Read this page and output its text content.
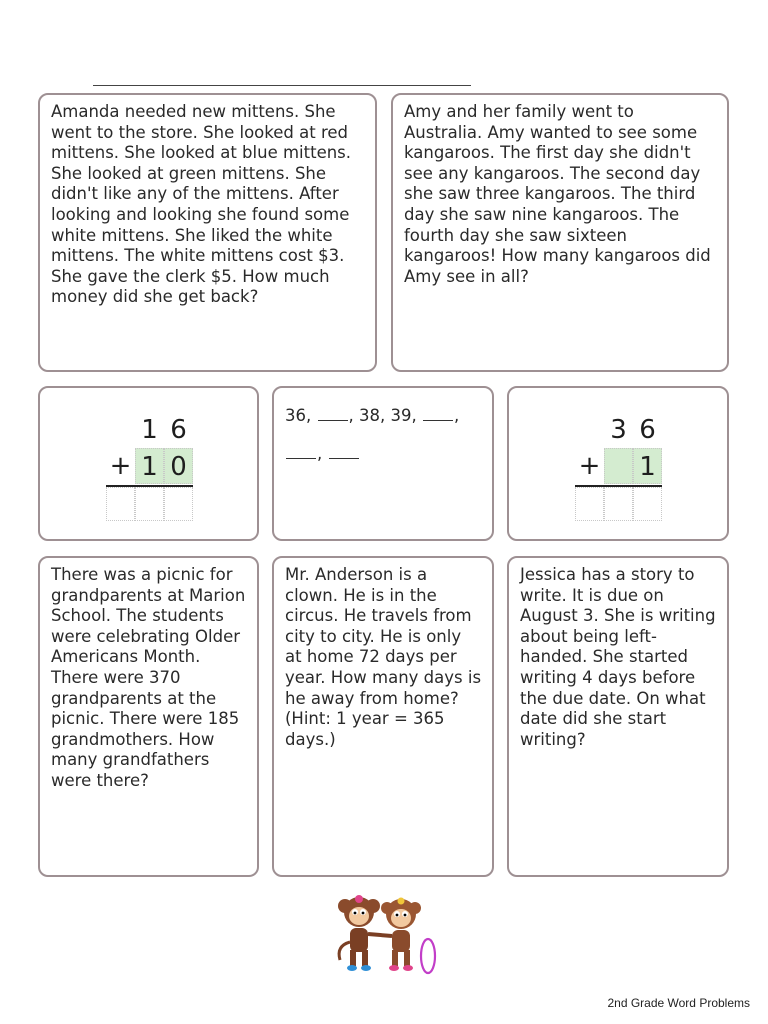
Amanda needed new mittens. She went to the store. She looked at red mittens. She looked at blue mittens. She looked at green mittens. She didn't like any of the mittens. After looking and looking she found some white mittens. She liked the white mittens. The white mittens cost $3. She gave the clerk $5. How much money did she get back?
Amy and her family went to Australia. Amy wanted to see some kangaroos. The first day she didn't see any kangaroos. The second day she saw three kangaroos. The third day she saw nine kangaroos. The fourth day she saw sixteen kangaroos! How many kangaroos did Amy see in all?
1 6
+ 1 0
36, , 38, 39, ,
,
3 6
+ 1
There was a picnic for grandparents at Marion School. The students were celebrating Older Americans Month. There were 370 grandparents at the picnic. There were 185 grandmothers. How many grandfathers were there?
Mr. Anderson is a clown. He is in the circus. He travels from city to city. He is only at home 72 days per year. How many days is he away from home? (Hint: 1 year = 365 days.)
Jessica has a story to write. It is due on August 3. She is writing about being left-handed. She started writing 4 days before the due date. On what date did she start writing?
2nd Grade Word Problems
